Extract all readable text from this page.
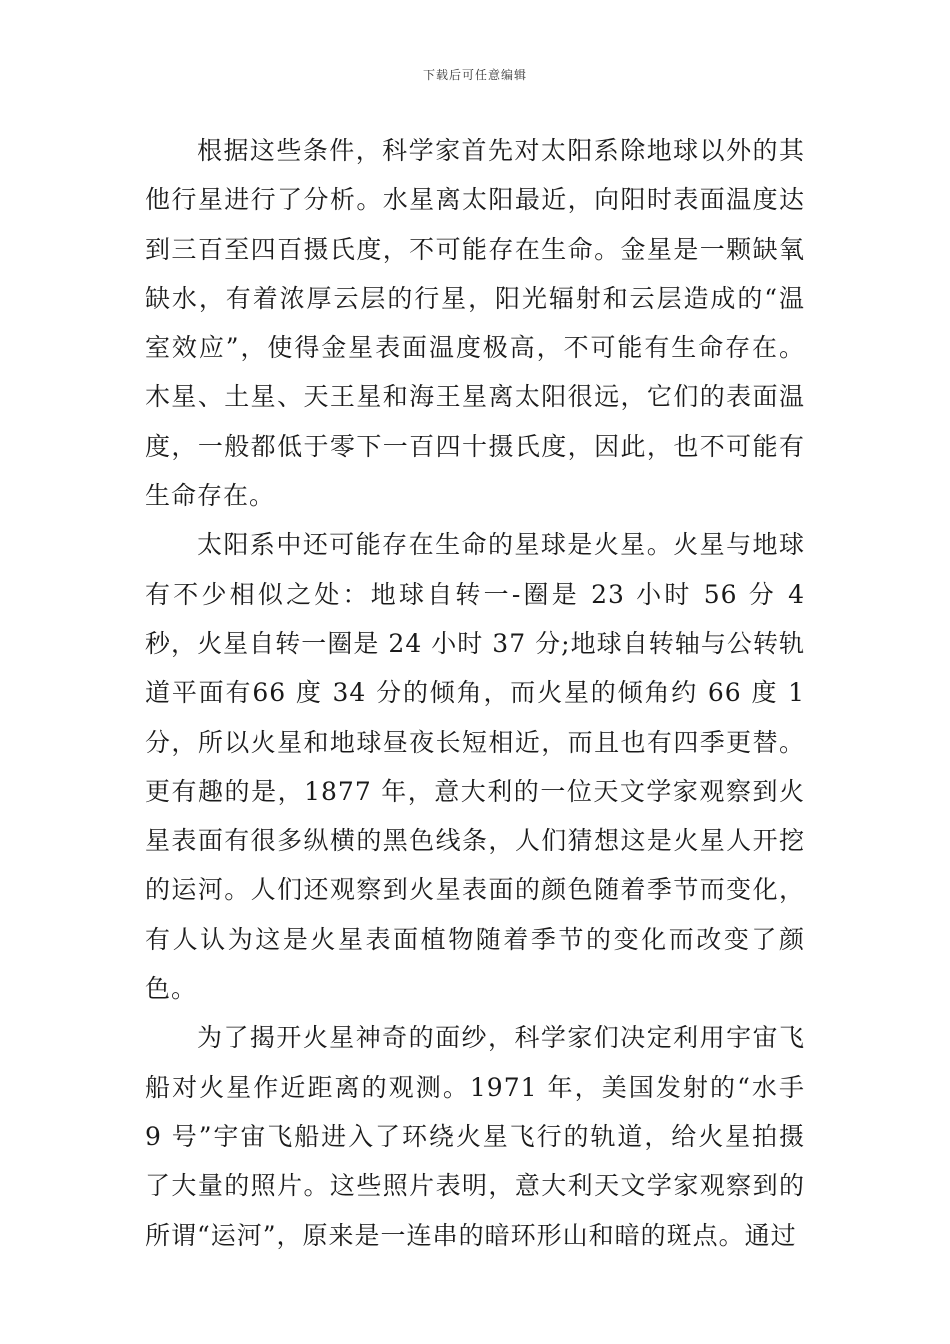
下载后可任意编辑

根据这些条件，科学家首先对太阳系除地球以外的其他行星进行了分析。水星离太阳最近，向阳时表面温度达到三百至四百摄氏度，不可能存在生命。金星是一颗缺氧缺水，有着浓厚云层的行星，阳光辐射和云层造成的“温室效应”，使得金星表面温度极高，不可能有生命存在。木星、土星、天王星和海王星离太阳很远，它们的表面温度，一般都低于零下一百四十摄氏度，因此，也不可能有生命存在。

太阳系中还可能存在生命的星球是火星。火星与地球有不少相似之处：地球自转一-圈是 23 小时 56 分 4 秒，火星自转一圈是 24 小时 37 分;地球自转轴与公转轨道平面有66 度 34 分的倾角，而火星的倾角约 66 度 1 分，所以火星和地球昼夜长短相近，而且也有四季更替。更有趣的是，1877 年，意大利的一位天文学家观察到火星表面有很多纵横的黑色线条，人们猜想这是火星人开挖的运河。人们还观察到火星表面的颜色随着季节而变化，有人认为这是火星表面植物随着季节的变化而改变了颜色。

为了揭开火星神奇的面纱，科学家们决定利用宇宙飞船对火星作近距离的观测。1971 年，美国发射的“水手 9 号”宇宙飞船进入了环绕火星飞行的轨道，给火星拍摄了大量的照片。这些照片表明，意大利天文学家观察到的所谓“运河”，原来是一连串的暗环形山和暗的斑点。通过
